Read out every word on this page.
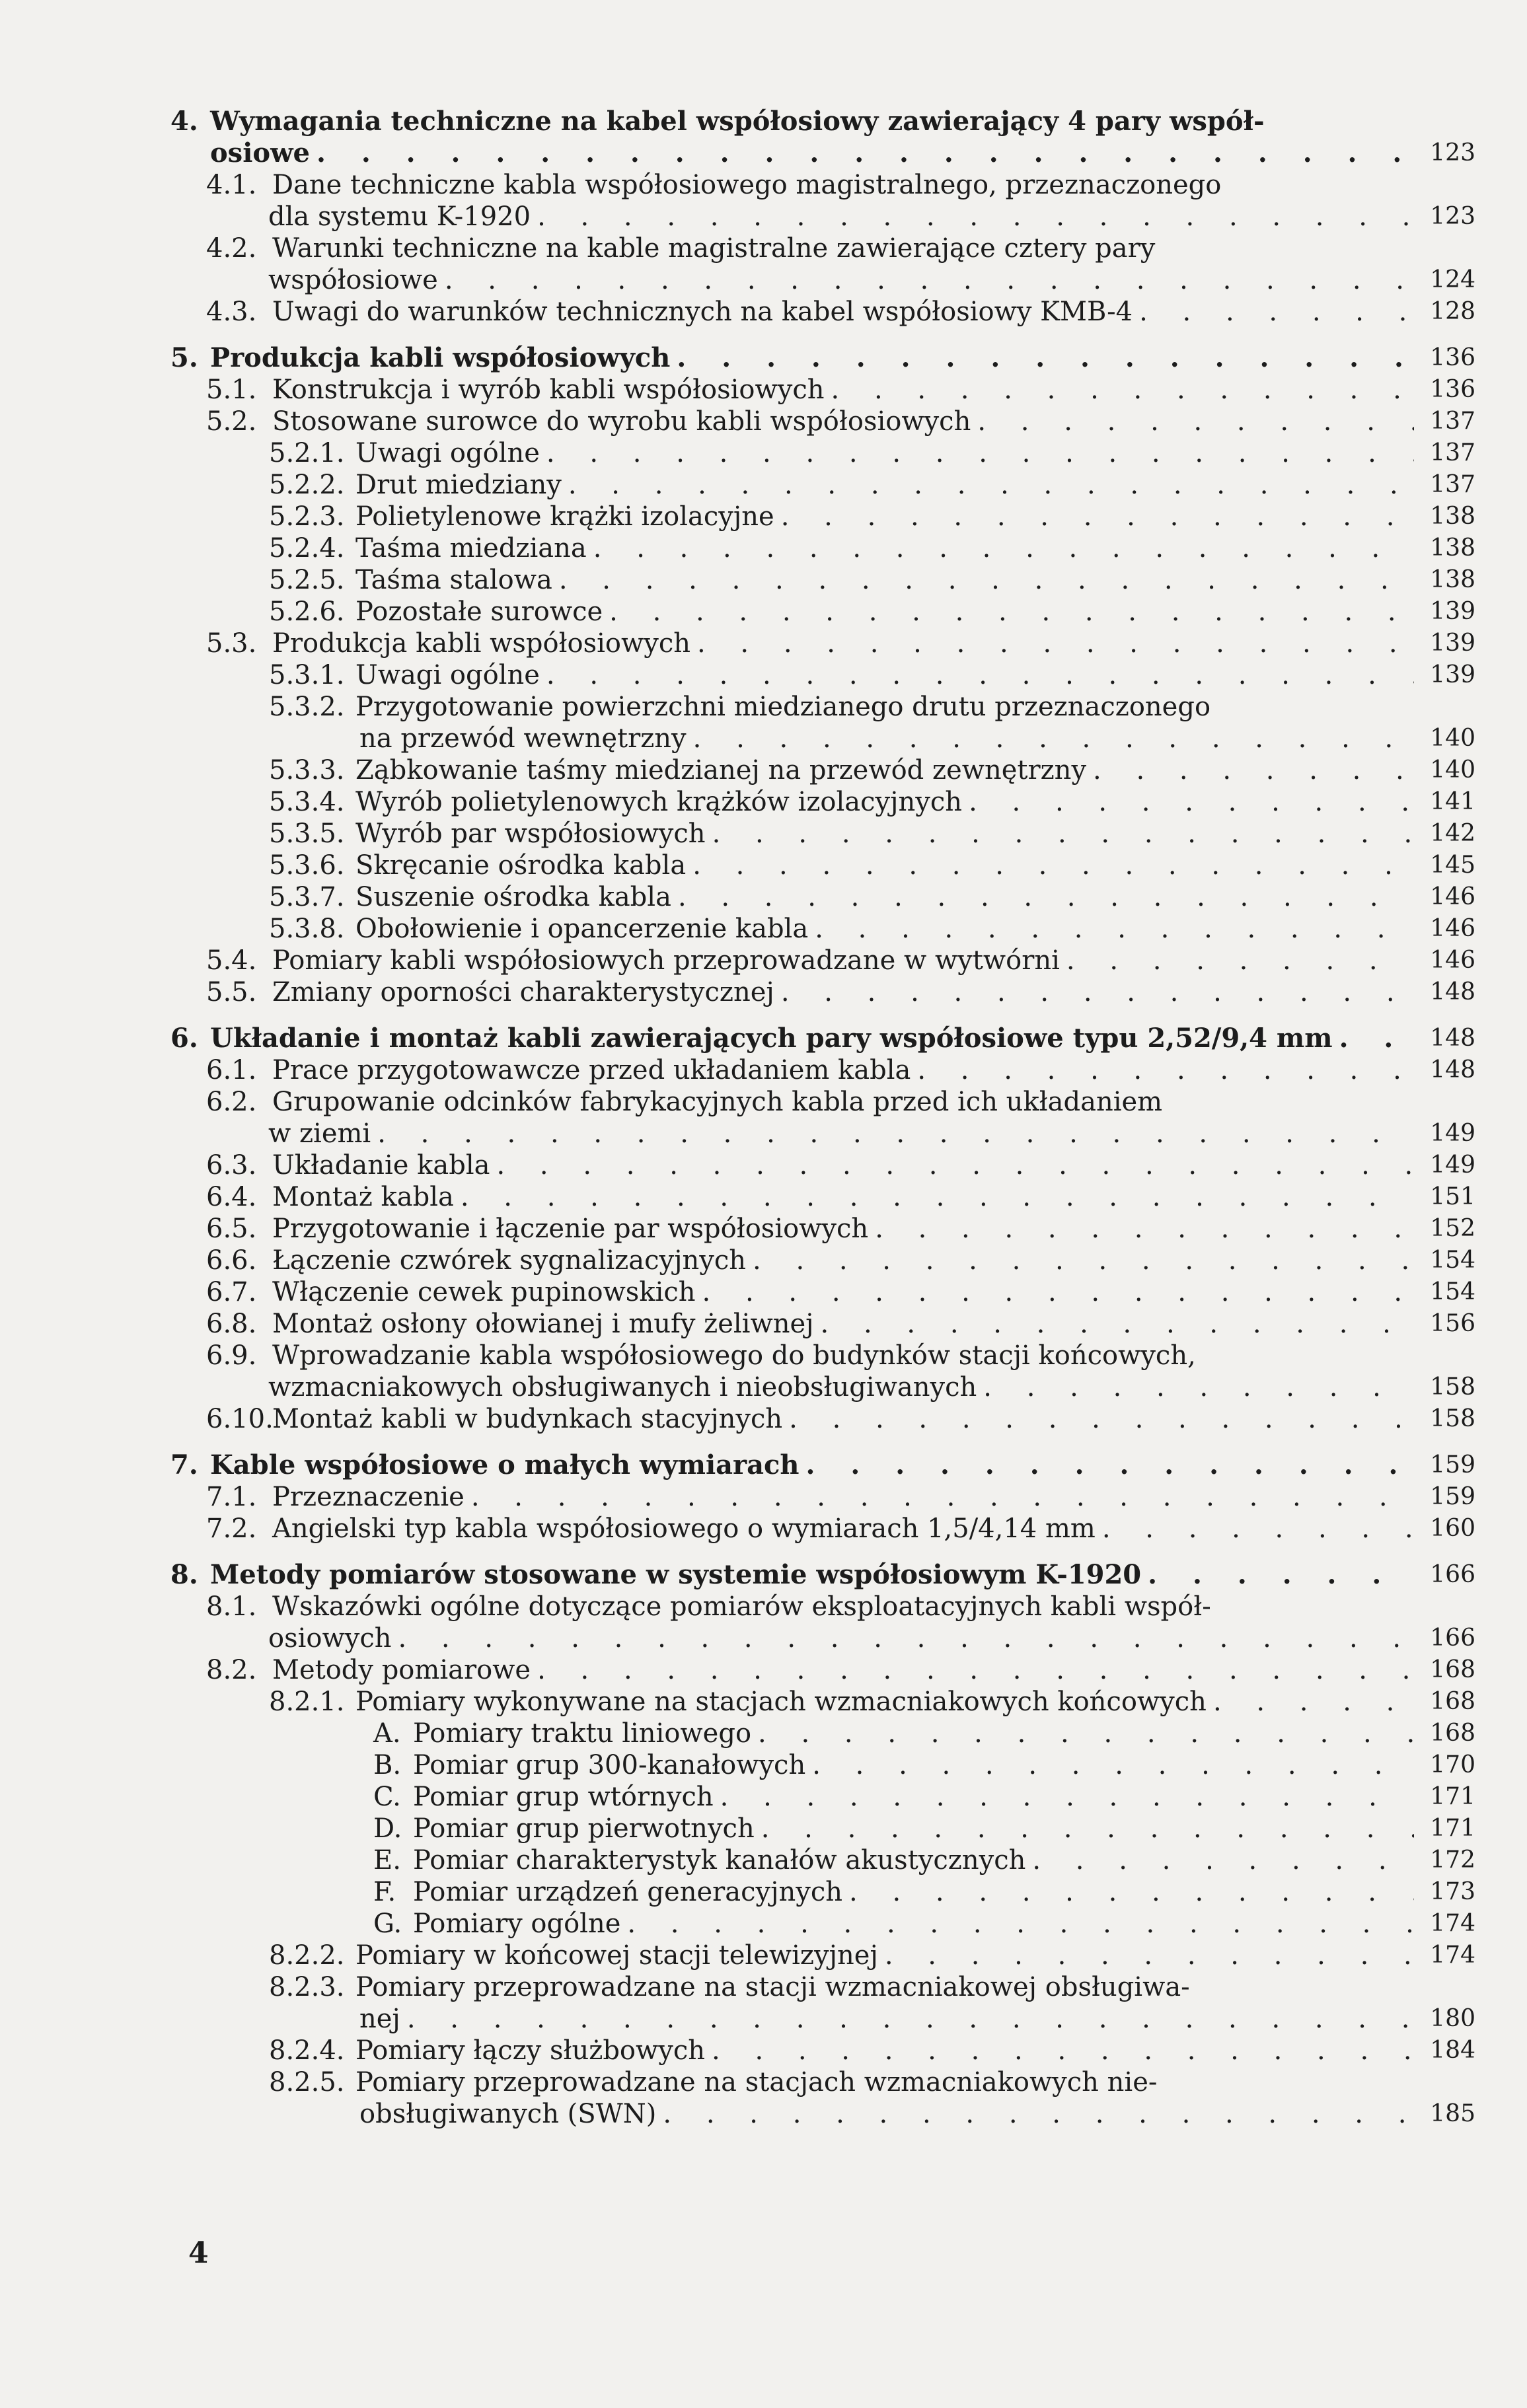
4. Wymagania techniczne na kabel współosiowy zawierający 4 pary współ-
osiowe . . .	123
4.1. Dane techniczne kabla współosiowego magistralnego, przeznaczonego
dla systemu K-1920 . . .	123
4.2. Warunki techniczne na kable magistralne zawierające cztery pary
współosiowe . . .	124
4.3. Uwagi do warunków technicznych na kabel współosiowy KMB-4 . . .	128
5. Produkcja kabli współosiowych . . .	136
5.1. Konstrukcja i wyrób kabli współosiowych . . .	136
5.2. Stosowane surowce do wyrobu kabli współosiowych . . .	137
5.2.1. Uwagi ogólne . . .	137
5.2.2. Drut miedziany . . .	137
5.2.3. Polietylenowe krążki izolacyjne . . .	138
5.2.4. Taśma miedziana . . .	138
5.2.5. Taśma stalowa . . .	138
5.2.6. Pozostałe surowce . . .	139
5.3. Produkcja kabli współosiowych . . .	139
5.3.1. Uwagi ogólne . . .	139
5.3.2. Przygotowanie powierzchni miedzianego drutu przeznaczonego
na przewód wewnętrzny . . .	140
5.3.3. Ząbkowanie taśmy miedzianej na przewód zewnętrzny . . .	140
5.3.4. Wyrób polietylenowych krążków izolacyjnych . . .	141
5.3.5. Wyrób par współosiowych . . .	142
5.3.6. Skręcanie ośrodka kabla . . .	145
5.3.7. Suszenie ośrodka kabla . . .	146
5.3.8. Obołowienie i opancerzenie kabla . . .	146
5.4. Pomiary kabli współosiowych przeprowadzane w wytwórni . . .	146
5.5. Zmiany oporności charakterystycznej . . .	148
6. Układanie i montaż kabli zawierających pary współosiowe typu 2,52/9,4 mm . . .	148
6.1. Prace przygotowawcze przed układaniem kabla . . .	148
6.2. Grupowanie odcinków fabrykacyjnych kabla przed ich układaniem
w ziemi . . .	149
6.3. Układanie kabla . . .	149
6.4. Montaż kabla . . .	151
6.5. Przygotowanie i łączenie par współosiowych . . .	152
6.6. Łączenie czwórek sygnalizacyjnych . . .	154
6.7. Włączenie cewek pupinowskich . . .	154
6.8. Montaż osłony ołowianej i mufy żeliwnej . . .	156
6.9. Wprowadzanie kabla współosiowego do budynków stacji końcowych,
wzmacniakowych obsługiwanych i nieobsługiwanych . . .	158
6.10.
Montaż kabli w budynkach stacyjnych . . .	158
7. Kable współosiowe o małych wymiarach . . .	159
7.1. Przeznaczenie . . .	159
7.2. Angielski typ kabla współosiowego o wymiarach 1,5/4,14 mm . . .	160
8. Metody pomiarów stosowane w systemie współosiowym K-1920 . . .	166
8.1. Wskazówki ogólne dotyczące pomiarów eksploatacyjnych kabli współ-
osiowych . . .	166
8.2. Metody pomiarowe . . .	168
8.2.1. Pomiary wykonywane na stacjach wzmacniakowych końcowych . . .	168
A. Pomiary traktu liniowego . . .	168
B. Pomiar grup 300-kanałowych . . .	170
C. Pomiar grup wtórnych . . .	171
D. Pomiar grup pierwotnych . . .	171
E. Pomiar charakterystyk kanałów akustycznych . . .	172
F. Pomiar urządzeń generacyjnych . . .	173
G. Pomiary ogólne . . .	174
8.2.2. Pomiary w końcowej stacji telewizyjnej . . .	174
8.2.3. Pomiary przeprowadzane na stacji wzmacniakowej obsługiwa-
nej . . .	180
8.2.4. Pomiary łączy służbowych . . .	184
8.2.5. Pomiary przeprowadzane na stacjach wzmacniakowych nie-
obsługiwanych (SWN) . . .	185
4
